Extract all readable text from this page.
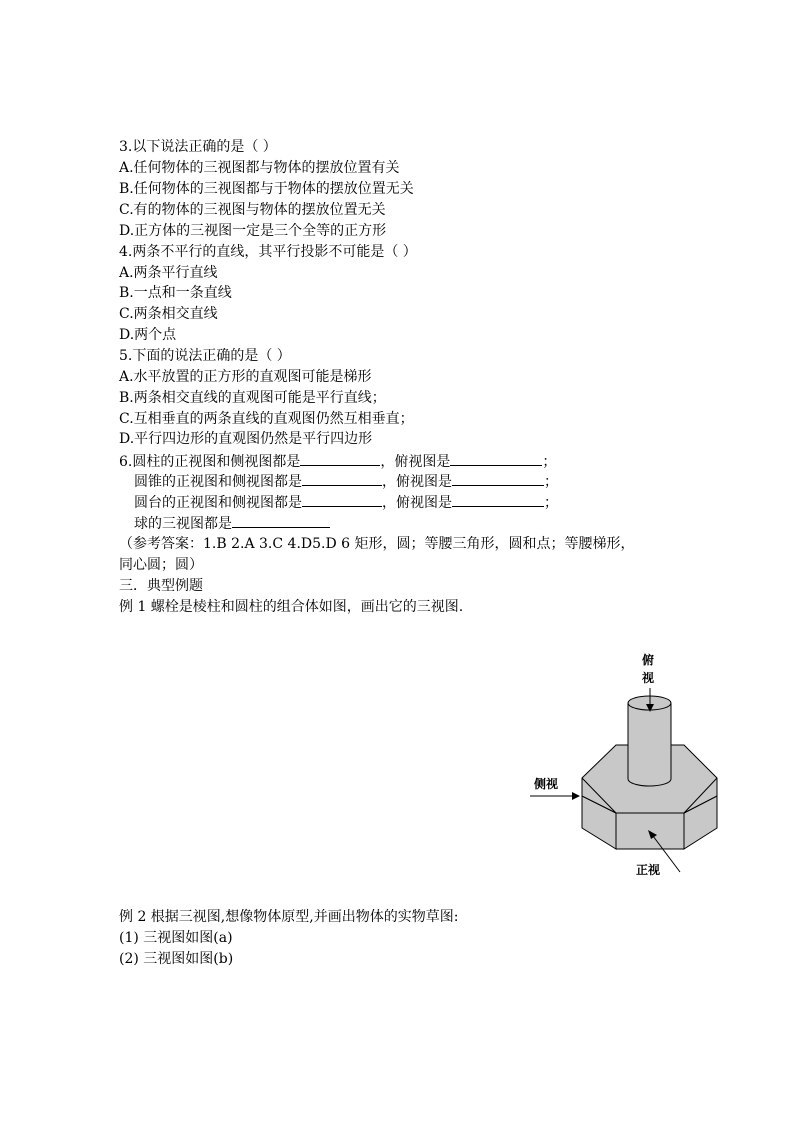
3.以下说法正确的是（ ）
A.任何物体的三视图都与物体的摆放位置有关
B.任何物体的三视图都与于物体的摆放位置无关
C.有的物体的三视图与物体的摆放位置无关
D.正方体的三视图一定是三个全等的正方形
4.两条不平行的直线，其平行投影不可能是（ ）
A.两条平行直线
B.一点和一条直线
C.两条相交直线
D.两个点
5.下面的说法正确的是（ ）
A.水平放置的正方形的直观图可能是梯形
B.两条相交直线的直观图可能是平行直线；
C.互相垂直的两条直线的直观图仍然互相垂直；
D.平行四边形的直观图仍然是平行四边形
6.圆柱的正视图和侧视图都是	，俯视图是	；
圆锥的正视图和侧视图都是	，俯视图是	；
圆台的正视图和侧视图都是	，俯视图是	；
球的三视图都是
（参考答案：1.B 2.A 3.C 4.D5.D 6 矩形，圆；等腰三角形，圆和点；等腰梯形，
同心圆；圆）
三．典型例题
例 1 螺栓是棱柱和圆柱的组合体如图，画出它的三视图.
俯
视
侧视
正视
例 2 根据三视图,想像物体原型,并画出物体的实物草图:
(1) 三视图如图(a)
(2) 三视图如图(b)
